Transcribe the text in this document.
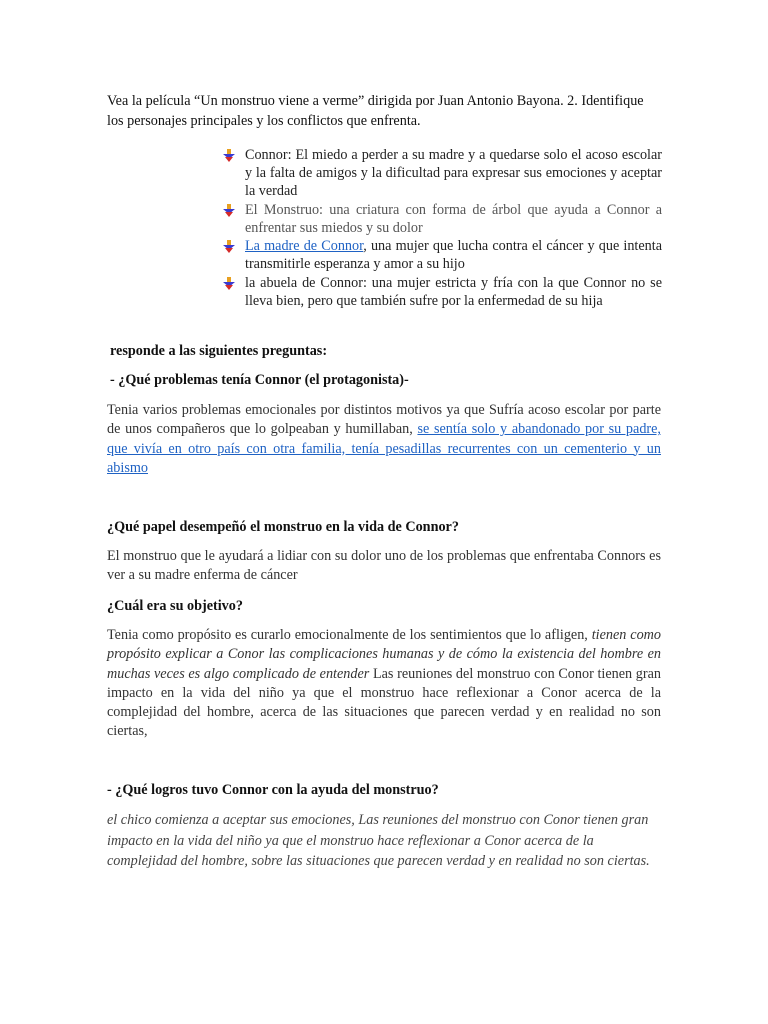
Vea la película “Un monstruo viene a verme” dirigida por Juan Antonio Bayona. 2. Identifique los personajes principales y los conflictos que enfrenta.

Connor: El miedo a perder a su madre y a quedarse solo el acoso escolar y la falta de amigos y la dificultad para expresar sus emociones y aceptar la verdad
El Monstruo: una criatura con forma de árbol que ayuda a Connor a enfrentar sus miedos y su dolor
La madre de Connor, una mujer que lucha contra el cáncer y que intenta transmitirle esperanza y amor a su hijo
la abuela de Connor: una mujer estricta y fría con la que Connor no se lleva bien, pero que también sufre por la enfermedad de su hija

responde a las siguientes preguntas:

- ¿Qué problemas tenía Connor (el protagonista)-

Tenia varios problemas emocionales por distintos motivos ya que Sufría acoso escolar por parte de unos compañeros que lo golpeaban y humillaban, se sentía solo y abandonado por su padre, que vivía en otro país con otra familia, tenía pesadillas recurrentes con un cementerio y un abismo

¿Qué papel desempeñó el monstruo en la vida de Connor?

El monstruo que le ayudará a lidiar con su dolor uno de los problemas que enfrentaba Connors es ver a su madre enferma de cáncer

¿Cuál era su objetivo?

Tenia como propósito es curarlo emocionalmente de los sentimientos que lo afligen, tienen como propósito explicar a Conor las complicaciones humanas y de cómo la existencia del hombre en muchas veces es algo complicado de entender Las reuniones del monstruo con Conor tienen gran impacto en la vida del niño ya que el monstruo hace reflexionar a Conor acerca de la complejidad del hombre, acerca de las situaciones que parecen verdad y en realidad no son ciertas,

- ¿Qué logros tuvo Connor con la ayuda del monstruo?

el chico comienza a aceptar sus emociones, Las reuniones del monstruo con Conor tienen gran impacto en la vida del niño ya que el monstruo hace reflexionar a Conor acerca de la complejidad del hombre, sobre las situaciones que parecen verdad y en realidad no son ciertas.
